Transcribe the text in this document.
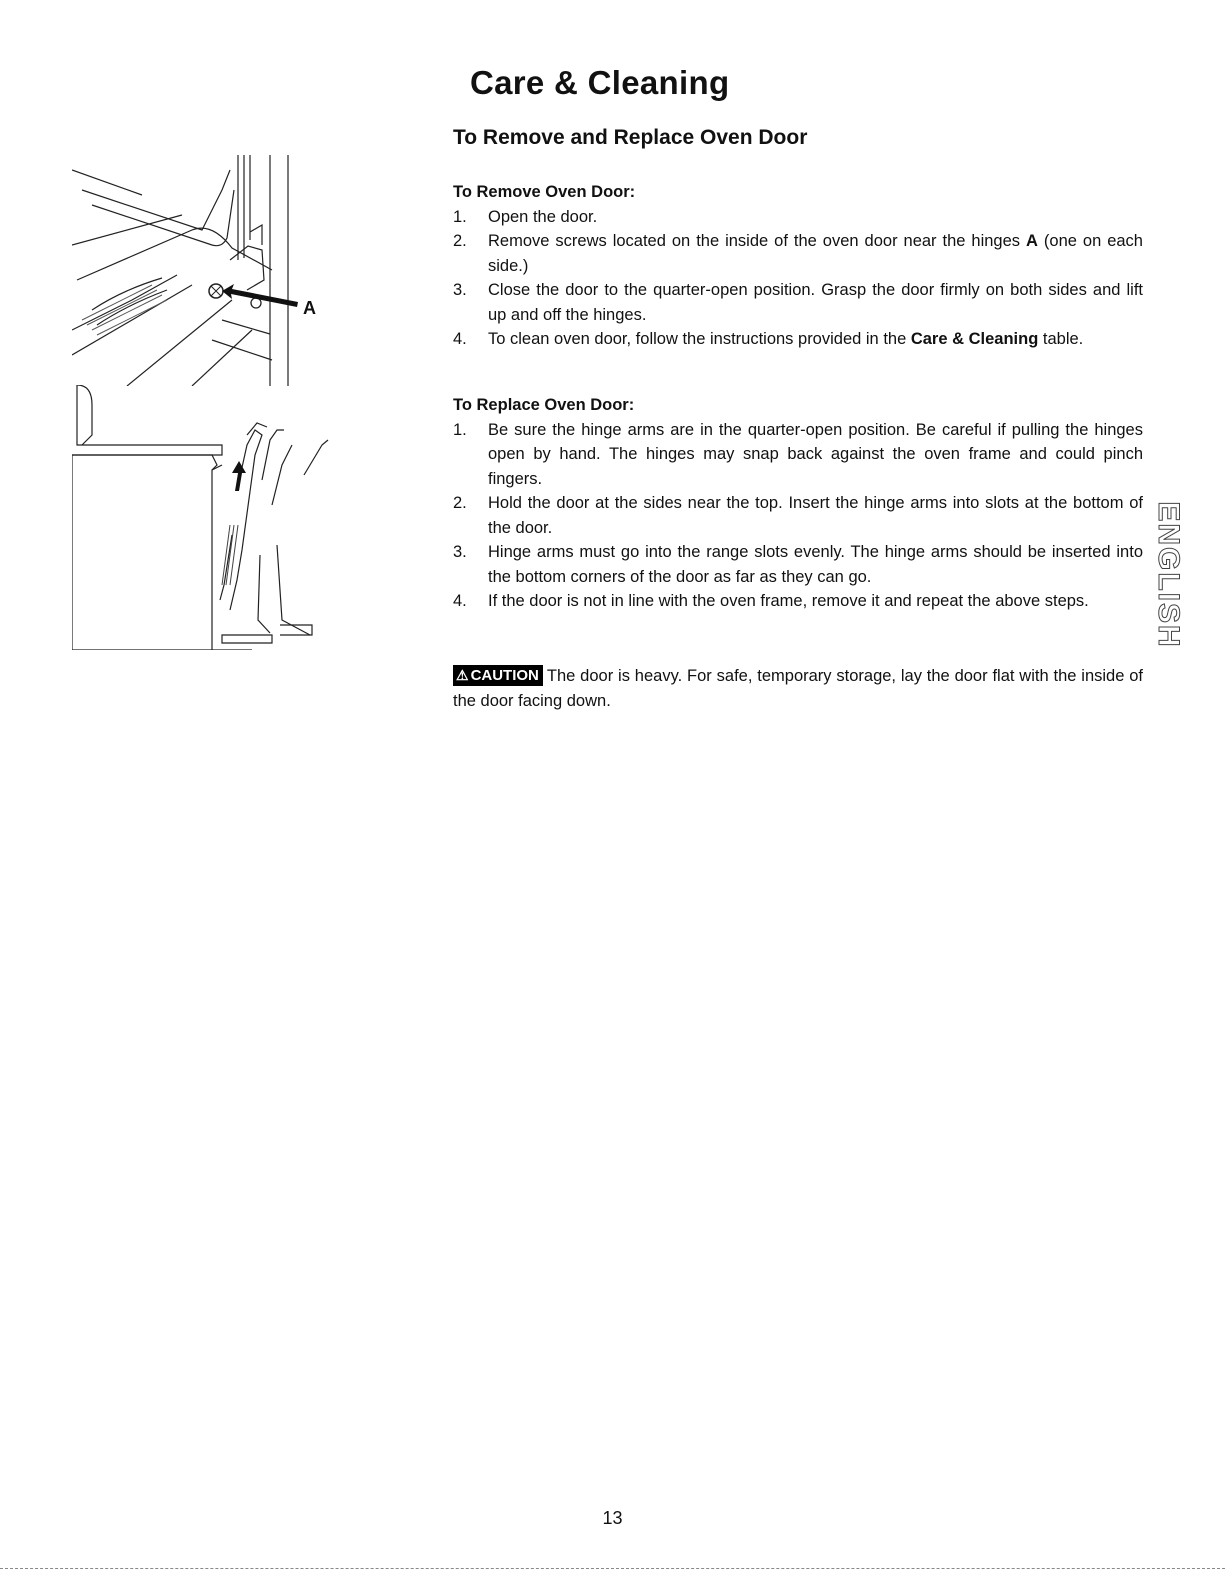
A
Care & Cleaning
To Remove and Replace Oven Door
To Remove Oven Door:
1. Open the door.
2. Remove screws located on the inside of the oven door near the hinges A (one on each side.)
3. Close the door to the quarter-open position. Grasp the door firmly on both sides and lift up and off the hinges.
4. To clean oven door, follow the instructions provided in the Care & Cleaning table.
To Replace Oven Door:
1. Be sure the hinge arms are in the quarter-open position. Be careful if pulling the hinges open by hand. The hinges may snap back against the oven frame and could pinch fingers.
2. Hold the door at the sides near the top. Insert the hinge arms into slots at the bottom of the door.
3. Hinge arms must go into the range slots evenly. The hinge arms should be inserted into the bottom corners of the door as far as they can go.
4. If the door is not in line with the oven frame, remove it and repeat the above steps.
⚠ CAUTION The door is heavy. For safe, temporary storage, lay the door flat with the inside of the door facing down.
ENGLISH
13
